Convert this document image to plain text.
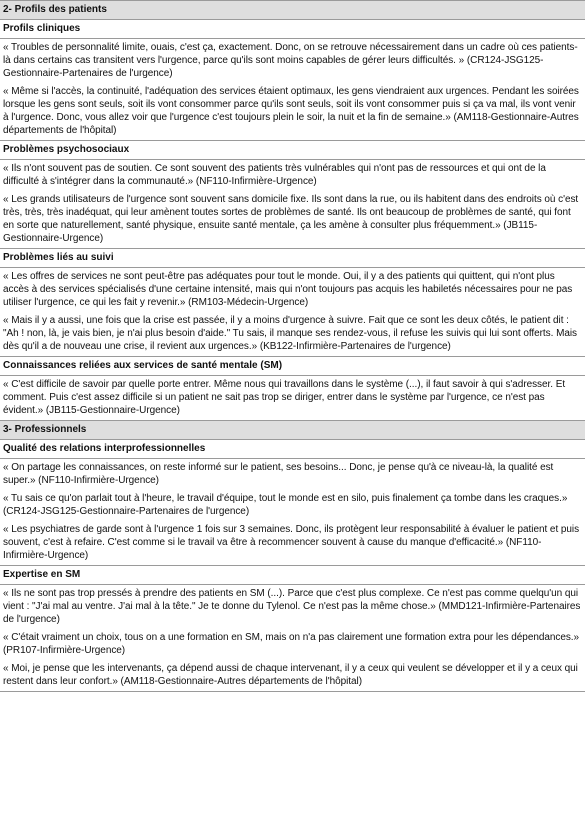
2- Profils des patients
Profils cliniques

« Troubles de personnalité limite, ouais, c'est ça, exactement. Donc, on se retrouve nécessairement dans un cadre où ces patients-là dans certains cas transitent vers l'urgence, parce qu'ils sont moins capables de gérer leurs difficultés. » (CR124-JSG125-Gestionnaire-Partenaires de l'urgence)

« Même si l'accès, la continuité, l'adéquation des services étaient optimaux, les gens viendraient aux urgences. Pendant les soirées lorsque les gens sont seuls, soit ils vont consommer parce qu'ils sont seuls, soit ils vont consommer puis si ça va mal, ils vont venir à l'urgence. Donc, vous allez voir que l'urgence c'est toujours plein le soir, la nuit et la fin de semaine.» (AM118-Gestionnaire-Autres départements de l'hôpital)

Problèmes psychosociaux

« Ils n'ont souvent pas de soutien. Ce sont souvent des patients très vulnérables qui n'ont pas de ressources et qui ont de la difficulté à s'intégrer dans la communauté.» (NF110-Infirmière-Urgence)

« Les grands utilisateurs de l'urgence sont souvent sans domicile fixe. Ils sont dans la rue, ou ils habitent dans des endroits où c'est très, très, très inadéquat, qui leur amènent toutes sortes de problèmes de santé. Ils ont beaucoup de problèmes de santé, qui font en sorte que naturellement, santé physique, ensuite santé mentale, ça les amène à consulter plus fréquemment.» (JB115-Gestionnaire-Urgence)

Problèmes liés au suivi

« Les offres de services ne sont peut-être pas adéquates pour tout le monde. Oui, il y a des patients qui quittent, qui n'ont plus accès à des services spécialisés d'une certaine intensité, mais qui n'ont toujours pas acquis les habiletés nécessaires pour ne pas utiliser l'urgence, ce qui les fait y revenir.» (RM103-Médecin-Urgence)

« Mais il y a aussi, une fois que la crise est passée, il y a moins d'urgence à suivre. Fait que ce sont les deux côtés, le patient dit : "Ah ! non, là, je vais bien, je n'ai plus besoin d'aide." Tu sais, il manque ses rendez-vous, il refuse les suivis qui lui sont offerts. Mais dès qu'il a de nouveau une crise, il revient aux urgences.» (KB122-Infirmière-Partenaires de l'urgence)

Connaissances reliées aux services de santé mentale (SM)

« C'est difficile de savoir par quelle porte entrer. Même nous qui travaillons dans le système (...), il faut savoir à qui s'adresser. Et comment. Puis c'est assez difficile si un patient ne sait pas trop se diriger, entrer dans le système par l'urgence, ce n'est pas évident.» (JB115-Gestionnaire-Urgence)

3- Professionnels
Qualité des relations interprofessionnelles

« On partage les connaissances, on reste informé sur le patient, ses besoins... Donc, je pense qu'à ce niveau-là, la qualité est super.» (NF110-Infirmière-Urgence)

« Tu sais ce qu'on parlait tout à l'heure, le travail d'équipe, tout le monde est en silo, puis finalement ça tombe dans les craques.» (CR124-JSG125-Gestionnaire-Partenaires de l'urgence)

« Les psychiatres de garde sont à l'urgence 1 fois sur 3 semaines. Donc, ils protègent leur responsabilité à évaluer le patient et puis souvent, c'est à refaire. C'est comme si le travail va être à recommencer souvent à cause du manque d'efficacité.» (NF110-Infirmière-Urgence)

Expertise en SM

« Ils ne sont pas trop pressés à prendre des patients en SM (...). Parce que c'est plus complexe. Ce n'est pas comme quelqu'un qui vient : "J'ai mal au ventre. J'ai mal à la tête." Je te donne du Tylenol. Ce n'est pas la même chose.» (MMD121-Infirmière-Partenaires de l'urgence)

« C'était vraiment un choix, tous on a une formation en SM, mais on n'a pas clairement une formation extra pour les dépendances.» (PR107-Infirmière-Urgence)

« Moi, je pense que les intervenants, ça dépend aussi de chaque intervenant, il y a ceux qui veulent se développer et il y a ceux qui restent dans leur confort.» (AM118-Gestionnaire-Autres départements de l'hôpital)
